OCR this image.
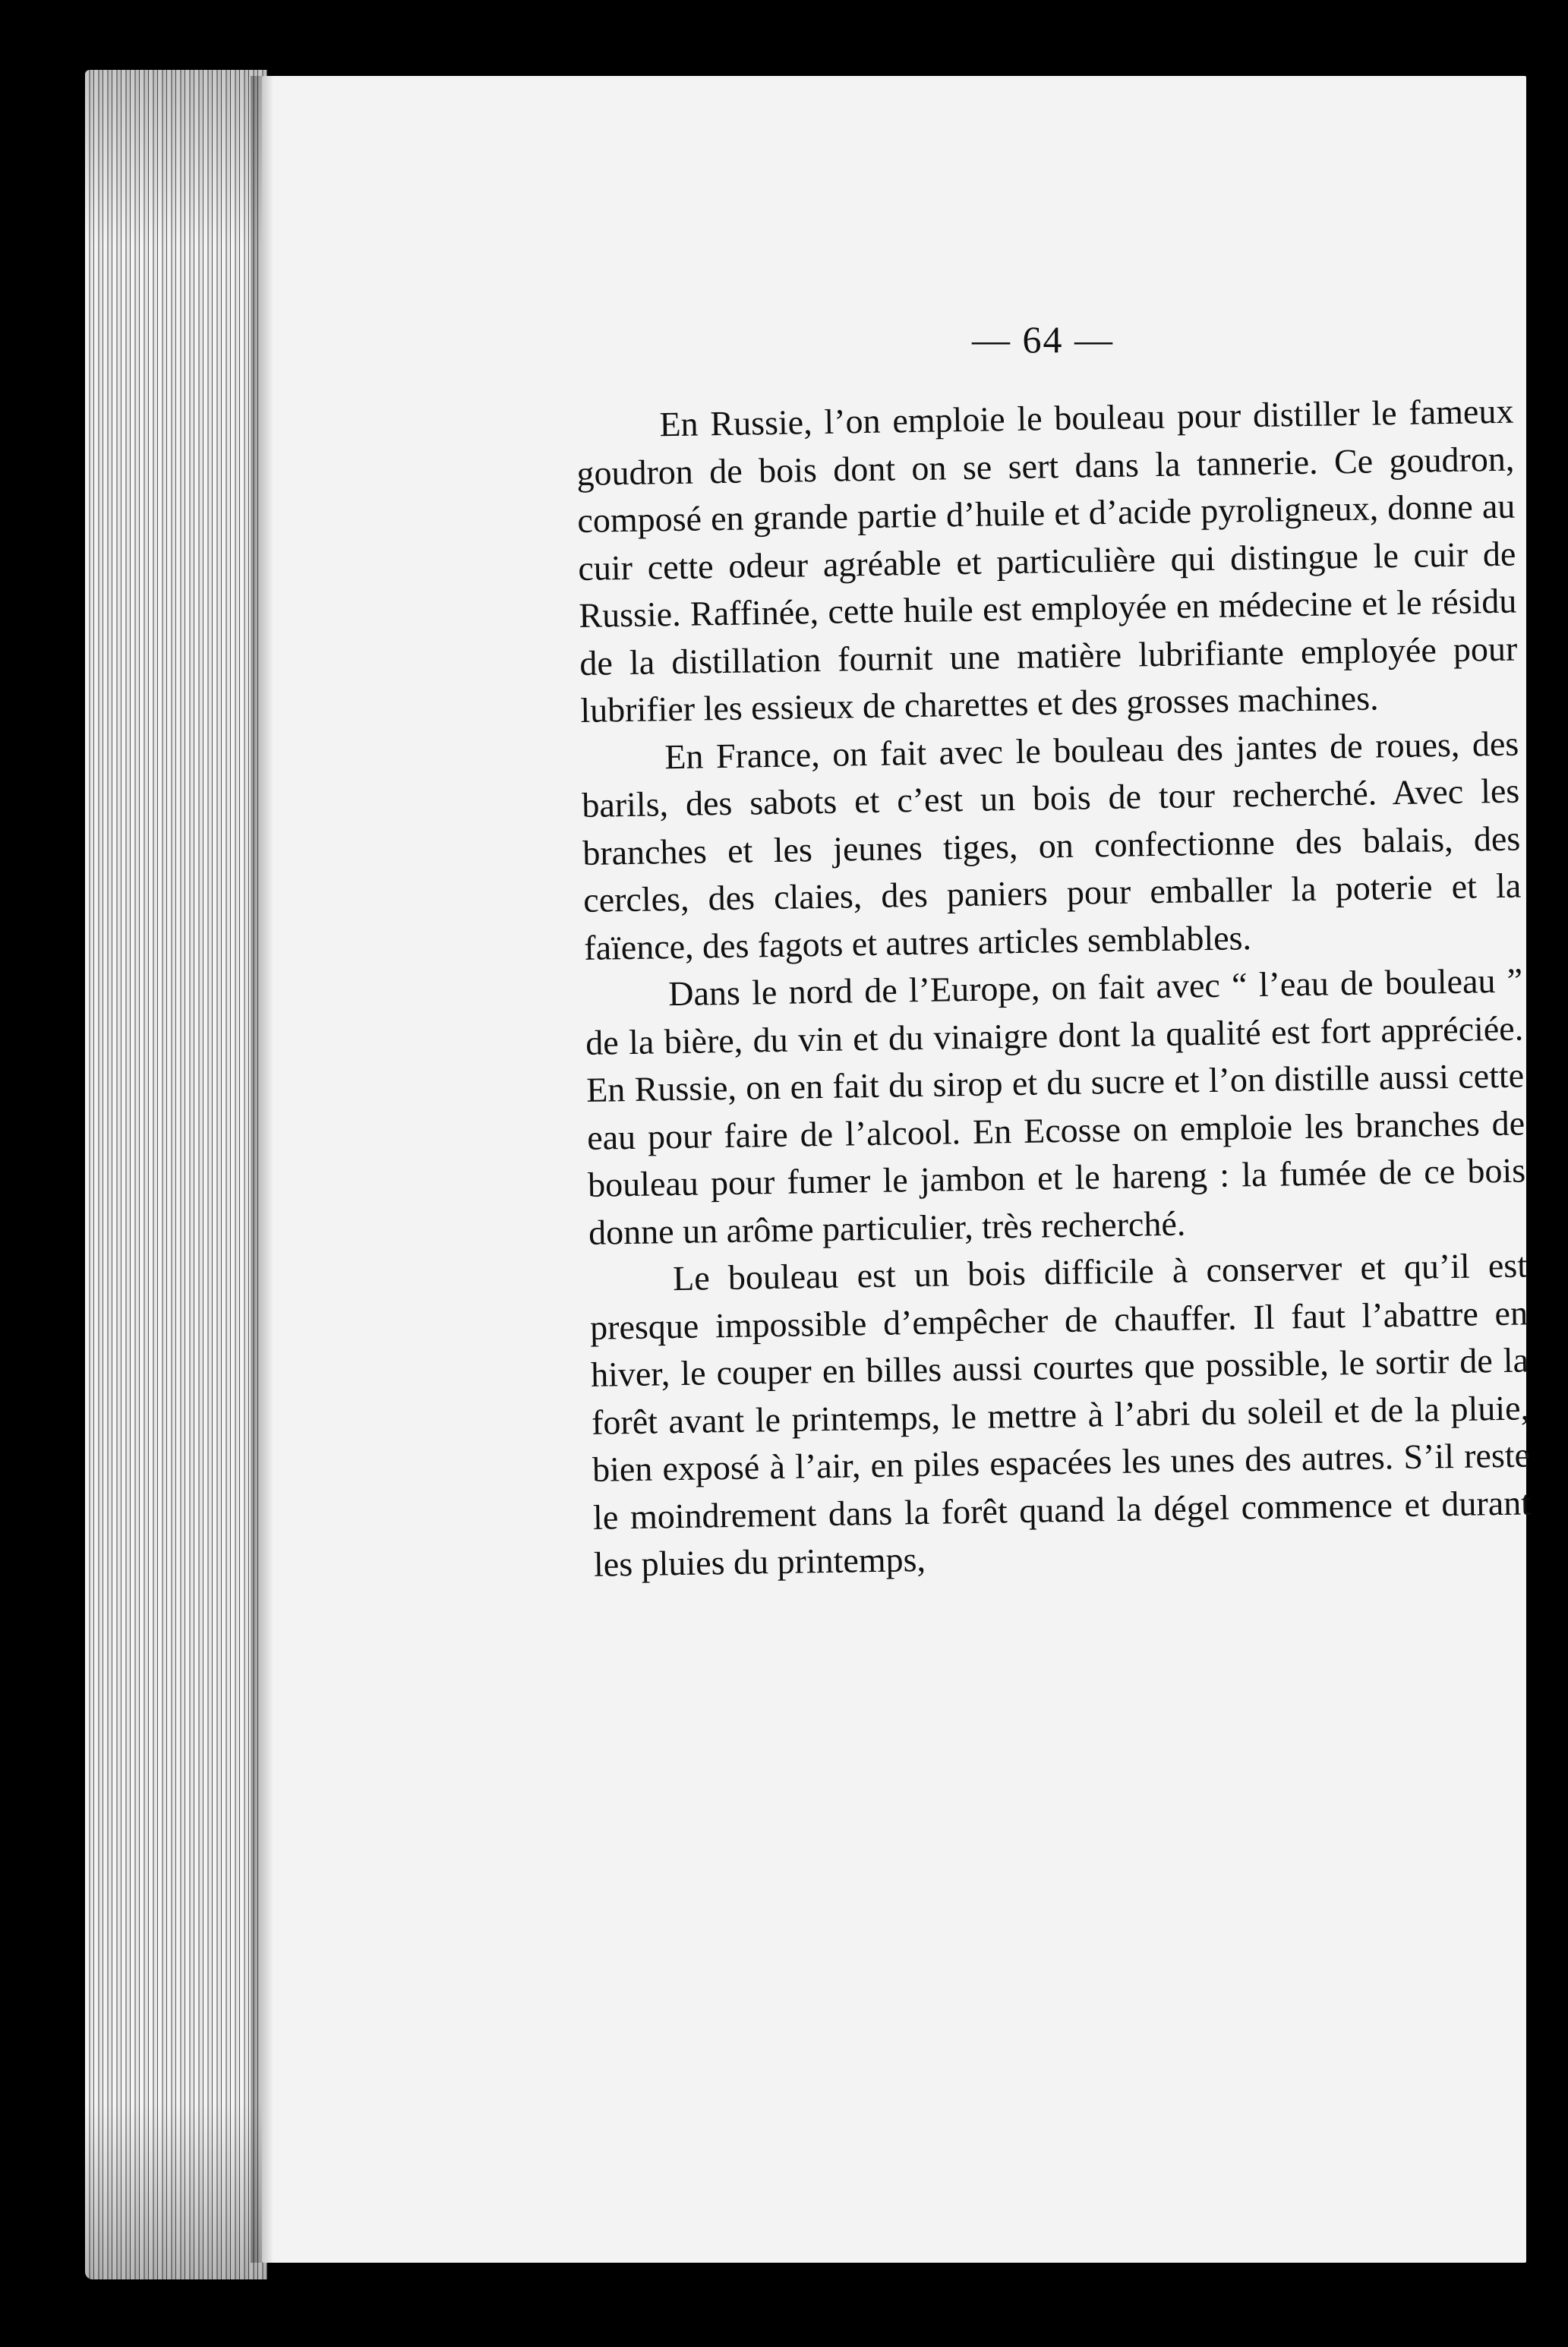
— 64 —

En Russie, l’on emploie le bouleau pour distiller le fameux goudron de bois dont on se sert dans la tannerie. Ce goudron, composé en grande partie d’huile et d’acide pyroligneux, donne au cuir cette odeur agréable et particulière qui distingue le cuir de Russie. Raffinée, cette huile est employée en médecine et le résidu de la distillation fournit une matière lubrifiante employée pour lubrifier les essieux de charettes et des grosses machines.

En France, on fait avec le bouleau des jantes de roues, des barils, des sabots et c’est un bois de tour recherché. Avec les branches et les jeunes tiges, on confectionne des balais, des cercles, des claies, des paniers pour emballer la poterie et la faïence, des fagots et autres articles semblables.

Dans le nord de l’Europe, on fait avec “ l’eau de bouleau ” de la bière, du vin et du vinaigre dont la qualité est fort appréciée. En Russie, on en fait du sirop et du sucre et l’on distille aussi cette eau pour faire de l’alcool. En Ecosse on emploie les branches de bouleau pour fumer le jambon et le hareng : la fumée de ce bois donne un arôme particulier, très recherché.

Le bouleau est un bois difficile à conserver et qu’il est presque impossible d’empêcher de chauffer. Il faut l’abattre en hiver, le couper en billes aussi courtes que possible, le sortir de la forêt avant le printemps, le mettre à l’abri du soleil et de la pluie, bien exposé à l’air, en piles espacées les unes des autres. S’il reste le moindrement dans la forêt quand la dégel commence et durant les pluies du printemps,
